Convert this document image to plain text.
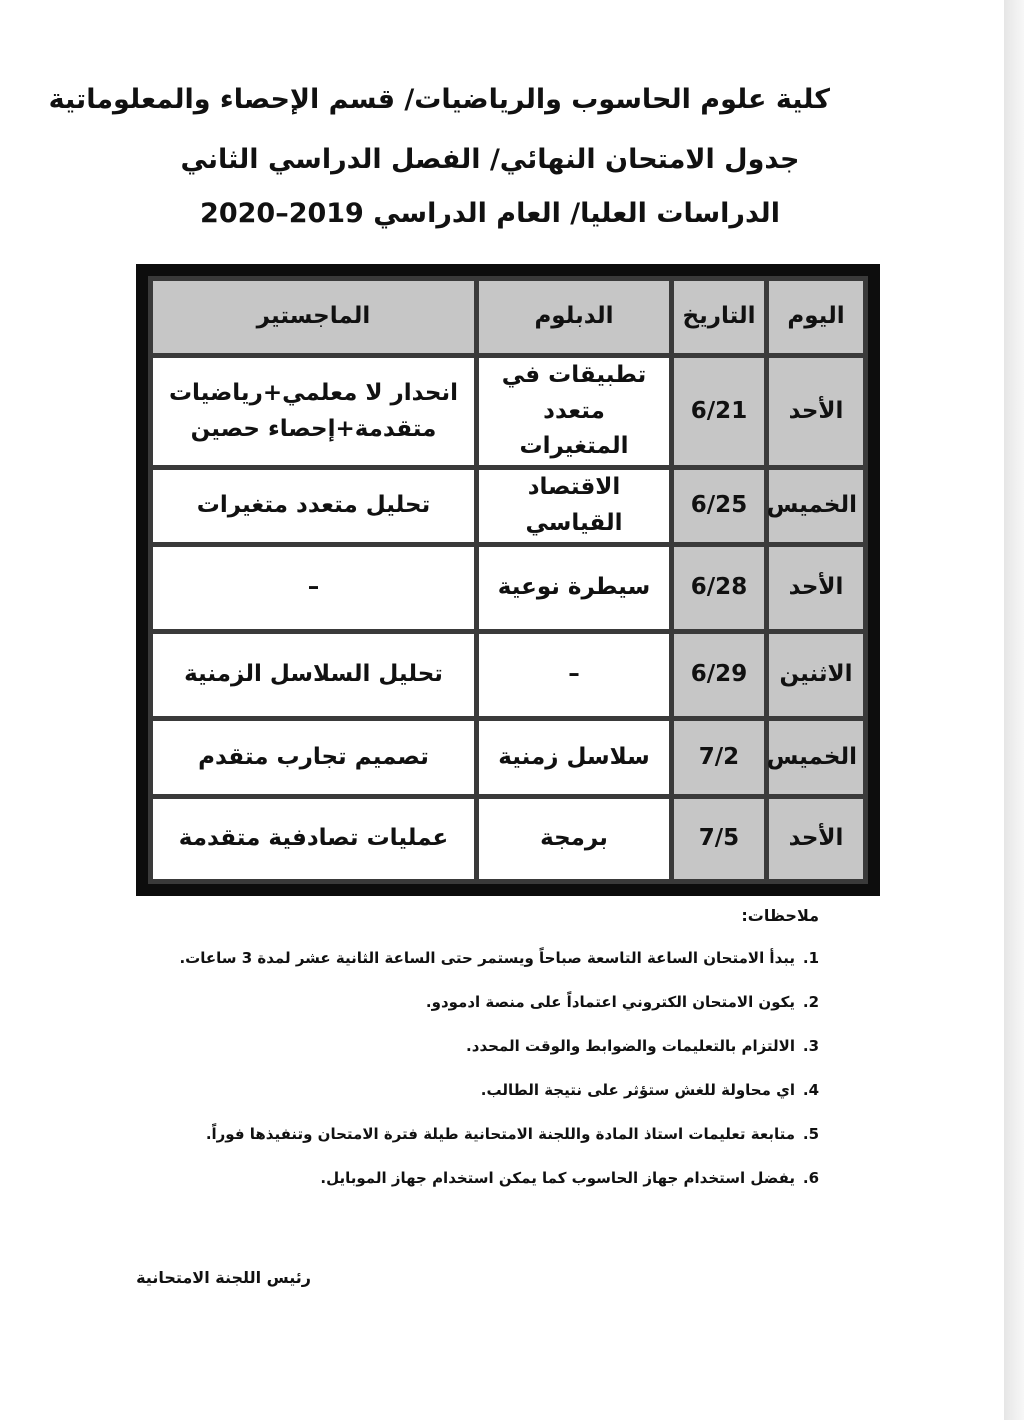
كلية علوم الحاسوب والرياضيات/ قسم الإحصاء والمعلوماتية
جدول الامتحان النهائي/ الفصل الدراسي الثاني
الدراسات العليا/ العام الدراسي 2019–2020
اليوم	التاريخ	الدبلوم	الماجستير
الأحد	6/21	تطبيقات في متعدد المتغيرات	انحدار لا معلمي+رياضيات متقدمة+إحصاء حصين
الخميس	6/25	الاقتصاد القياسي	تحليل متعدد متغيرات
الأحد	6/28	سيطرة نوعية	–
الاثنين	6/29	–	تحليل السلاسل الزمنية
الخميس	7/2	سلاسل زمنية	تصميم تجارب متقدم
الأحد	7/5	برمجة	عمليات تصادفية متقدمة
ملاحظات:
1.
يبدأ الامتحان الساعة التاسعة صباحاً ويستمر حتى الساعة الثانية عشر لمدة 3 ساعات.
2.
يكون الامتحان الكتروني اعتماداً على منصة ادمودو.
3.
الالتزام بالتعليمات والضوابط والوقت المحدد.
4.
اي محاولة للغش ستؤثر على نتيجة الطالب.
5.
متابعة تعليمات استاذ المادة واللجنة الامتحانية طيلة فترة الامتحان وتنفيذها فوراً.
6.
يفضل استخدام جهاز الحاسوب كما يمكن استخدام جهاز الموبايل.
رئيس اللجنة الامتحانية
